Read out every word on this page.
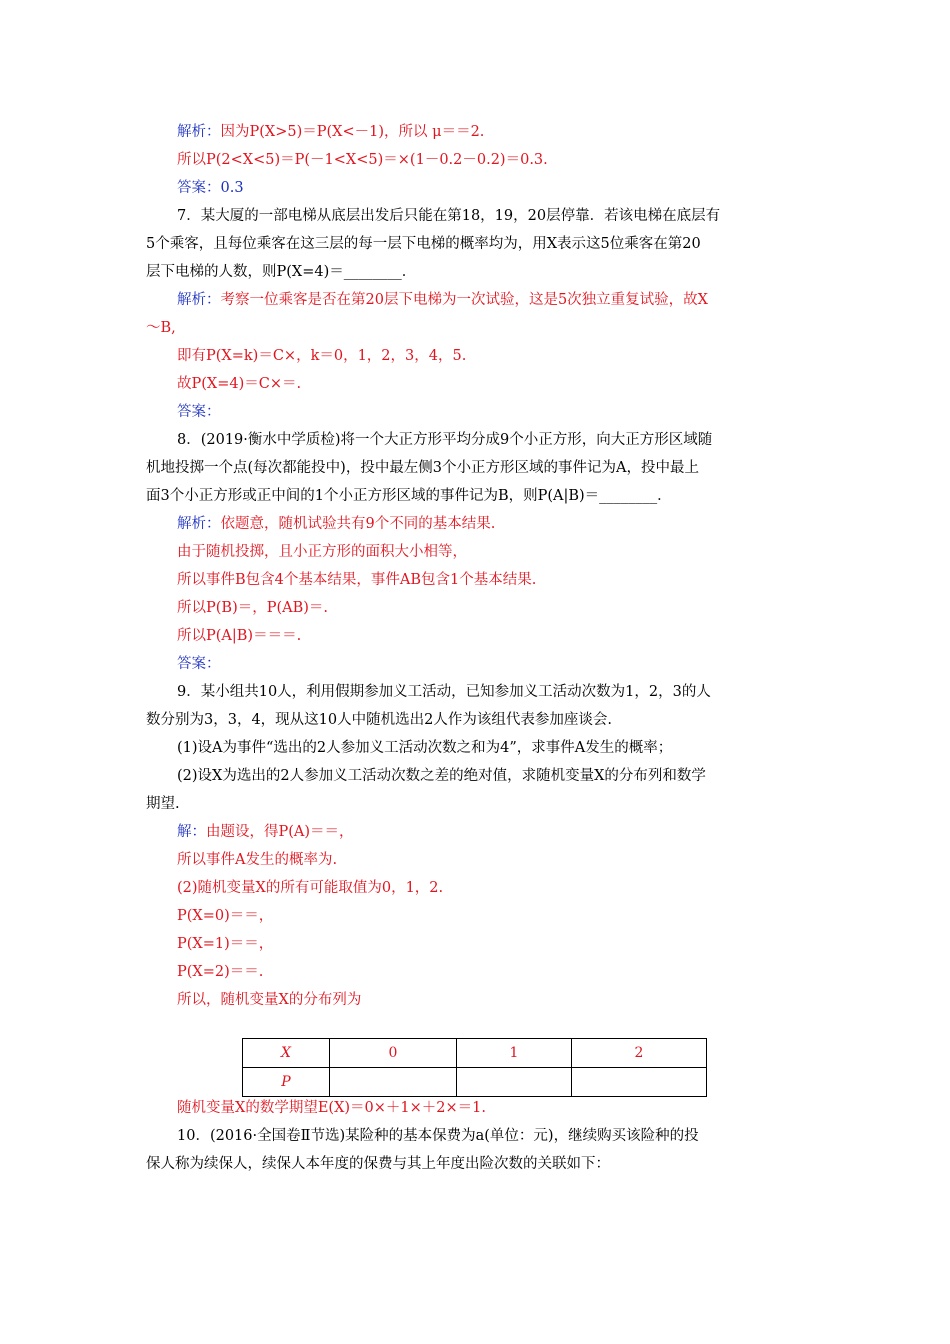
解析：因为P(X>5)＝P(X<－1)，所以 μ＝＝2.
所以P(2<X<5)＝P(－1<X<5)＝×(1－0.2－0.2)＝0.3.
答案：0.3
7．某大厦的一部电梯从底层出发后只能在第18，19，20层停靠．若该电梯在底层有
5个乘客，且每位乘客在这三层的每一层下电梯的概率均为，用X表示这5位乘客在第20
层下电梯的人数，则P(X=4)＝________．
解析：考察一位乘客是否在第20层下电梯为一次试验，这是5次独立重复试验，故X
～B,
即有P(X=k)＝C×，k＝0，1，2，3，4，5.
故P(X=4)＝C×＝.
答案：
8．(2019·衡水中学质检)将一个大正方形平均分成9个小正方形，向大正方形区域随
机地投掷一个点(每次都能投中)，投中最左侧3个小正方形区域的事件记为A，投中最上
面3个小正方形或正中间的1个小正方形区域的事件记为B，则P(A|B)＝________．
解析：依题意，随机试验共有9个不同的基本结果.
由于随机投掷，且小正方形的面积大小相等，
所以事件B包含4个基本结果，事件AB包含1个基本结果.
所以P(B)＝，P(AB)＝.
所以P(A|B)＝＝＝.
答案：
9．某小组共10人，利用假期参加义工活动，已知参加义工活动次数为1，2，3的人
数分别为3，3，4，现从这10人中随机选出2人作为该组代表参加座谈会.
(1)设A为事件“选出的2人参加义工活动次数之和为4”，求事件A发生的概率；
(2)设X为选出的2人参加义工活动次数之差的绝对值，求随机变量X的分布列和数学
期望.
解：由题设，得P(A)＝＝，
所以事件A发生的概率为.
(2)随机变量X的所有可能取值为0，1，2.
P(X=0)＝＝，
P(X=1)＝＝，
P(X=2)＝＝.
所以，随机变量X的分布列为
X	0	1	2
P			
随机变量X的数学期望E(X)＝0×＋1×＋2×＝1.
10．(2016·全国卷Ⅱ节选)某险种的基本保费为a(单位：元)，继续购买该险种的投
保人称为续保人，续保人本年度的保费与其上年度出险次数的关联如下：
